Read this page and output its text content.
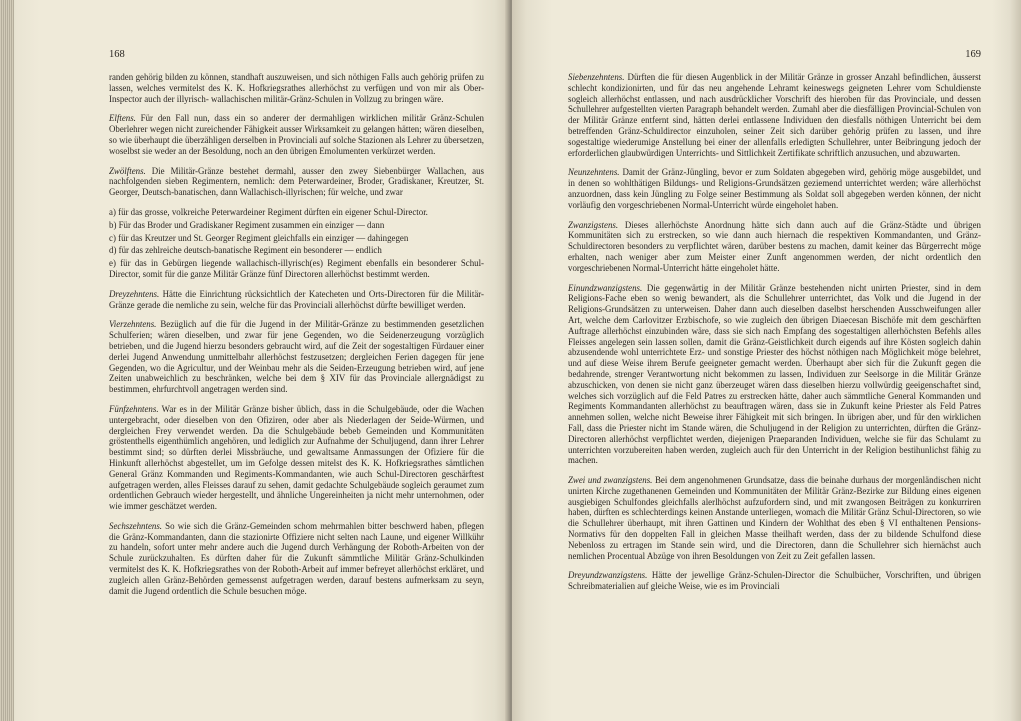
168

randen gehörig bilden zu können, standhaft auszuweisen, und sich nöthigen Falls auch gehörig prüfen zu lassen, welches vermitelst des K. K. Hofkriegsrathes allerhöchst zu verfügen und von mir als Ober-Inspector auch der illyrisch- wallachischen militär-Gränz-Schulen in Vollzug zu bringen wäre.

Elftens. Für den Fall nun, dass ein so anderer der dermahligen wirklichen militär Gränz-Schulen Oberlehrer wegen nicht zureichender Fähigkeit ausser Wirksamkeit zu gelangen hätten; wären dieselben, so wie überhaupt die überzähligen derselben in Provinciali auf solche Stazionen als Lehrer zu übersetzen, woselbst sie weder an der Besoldung, noch an den übrigen Emolumenten verkürzet werden.

Zwölftens. Die Militär-Gränze bestehet dermahl, ausser den zwey Siebenbürger Wallachen, aus nachfolgenden sieben Regimentern, nemlich: dem Peterwardeiner, Broder, Gradiskaner, Kreutzer, St. Georger, Deutsch-banatischen, dann Wallachisch-illyrischen; für welche, und zwar

a) für das grosse, volkreiche Peterwardeiner Regiment dürften ein eigener Schul-Director.

b) Für das Broder und Gradiskaner Regiment zusammen ein einziger — dann

c) für das Kreutzer und St. Georger Regiment gleichfalls ein einziger — dahingegen

d) für das zehlreiche deutsch-banatische Regiment ein besonderer — endlich

e) für das in Gebürgen liegende wallachisch-illyrisch(es) Regiment ebenfalls ein besonderer Schul-Director, somit für die ganze Militär Gränze fünf Directoren allerhöchst bestimmt werden.

Dreyzehntens. Hätte die Einrichtung rücksichtlich der Katecheten und Orts-Directoren für die Militär-Gränze gerade die nemliche zu sein, welche für das Provinciali allerhöchst dürfte bewilliget werden.

Vierzehntens. Bezüglich auf die für die Jugend in der Militär-Gränze zu bestimmenden gesetzlichen Schulferien; wären dieselben, und zwar für jene Gegenden, wo die Seidenerzeugung vorzüglich betrieben, und die Jugend hierzu besonders gebraucht wird, auf die Zeit der sogestaltigen Fürdauer einer derlei Jugend Anwendung unmittelbahr allerhöchst festzusetzen; dergleichen Ferien dagegen für jene Gegenden, wo die Agricultur, und der Weinbau mehr als die Seiden-Erzeugung betrieben wird, auf jene Zeiten unabweichlich zu beschränken, welche bei dem § XIV für das Provinciale allergnädigst zu bestimmen, ehrfurchtvoll angetragen werden sind.

Fünfzehntens. War es in der Militär Gränze bisher üblich, dass in die Schulgebäude, oder die Wachen untergebracht, oder dieselben von den Ofiziren, oder aber als Niederlagen der Seide-Würmen, und dergleichen Frey verwendet werden. Da die Schulgebäude bebeb Gemeinden und Kommunitäten gröstenthells eigenthümlich angehören, und lediglich zur Aufnahme der Schuljugend, dann ihrer Lehrer bestimmt sind; so dürften derlei Missbräuche, und gewaltsame Anmassungen der Ofiziere für die Hinkunft allerhöchst abgestellet, um im Gefolge dessen mitelst des K. K. Hofkriegsrathes sämtlichen General Gränz Kommanden und Regiments-Kommandanten, wie auch Schul-Directoren geschärftest aufgetragen werden, alles Fleisses darauf zu sehen, damit gedachte Schulgebäude sogleich geraumet zum ordentlichen Gebrauch wieder hergestellt, und ähnliche Ungereinheiten ja nicht mehr unternohmen, oder wie immer geschätzet werden.

Sechszehntens. So wie sich die Gränz-Gemeinden schom mehrmahlen bitter beschwerd haben, pflegen die Gränz-Kommandanten, dann die stazionirte Offiziere nicht selten nach Laune, und eigener Willkühr zu handeln, sofort unter mehr andere auch die Jugend durch Verhängung der Roboth-Arbeiten von der Schule zurückzuhalten. Es dürften daher für die Zukunft sämmtliche Militär Gränz-Schulkinden vermitelst des K. K. Hofkriegsrathes von der Roboth-Arbeit auf immer befreyet allerhöchst erkläret, und zugleich allen Gränz-Behörden gemessenst aufgetragen werden, darauf bestens aufmerksam zu seyn, damit die Jugend ordentlich die Schule besuchen möge.

169

Siebenzehntens. Dürften die für diesen Augenblick in der Militär Gränze in grosser Anzahl befindlichen, äusserst schlecht kondizionirten, und für das neu angehende Lehramt keineswegs geigneten Lehrer vom Schuldienste sogleich allerhöchst entlassen, und nach ausdrücklicher Vorschrift des hieroben für das Provinciale, und dessen Schullehrer aufgestellten vierten Paragraph behandelt werden. Zumahl aber die diesfälligen Provincial-Schulen von der Militär Gränze entfernt sind, hätten derlei entlassene Individuen den diesfalls nöthigen Unterricht bei dem betreffenden Gränz-Schuldirector einzuholen, seiner Zeit sich darüber gehörig prüfen zu lassen, und ihre sogestaltige wiederumige Anstellung bei einer der allenfalls erledigten Schullehrer, unter Beibringung jedoch der erforderlichen glaubwürdigen Unterrichts- und Sittlichkeit Zertifikate schriftlich anzusuchen, und abzuwarten.

Neunzehntens. Damit der Gränz-Jüngling, bevor er zum Soldaten abgegeben wird, gehörig möge ausgebildet, und in denen so wohlthätigen Bildungs- und Religions-Grundsätzen geziemend unterrichtet werden; wäre allerhöchst anzuordnen, dass kein Jüngling zu Folge seiner Bestimmung als Soldat soll abgegeben werden können, der nicht vorläufig den vorgeschriebenen Normal-Unterricht würde eingeholet haben.

Zwanzigstens. Dieses allerhöchste Anordnung hätte sich dann auch auf die Gränz-Städte und übrigen Kommunitäten sich zu erstrecken, so wie dann auch hiernach die respektiven Kommandanten, und Gränz-Schuldirectoren besonders zu verpflichtet wären, darüber bestens zu machen, damit keiner das Bürgerrecht möge erhalten, nach weniger aber zum Meister einer Zunft angenommen werden, der nicht ordentlich den vorgeschriebenen Normal-Unterricht hätte eingeholet hätte.

Einundzwanzigstens. Die gegenwärtig in der Militär Gränze bestehenden nicht unirten Priester, sind in dem Religions-Fache eben so wenig bewandert, als die Schullehrer unterrichtet, das Volk und die Jugend in der Religions-Grundsätzen zu unterweisen. Daher dann auch dieselben daselbst herschenden Ausschweifungen aller Art, welche dem Carlovitzer Erzbischofe, so wie zugleich den übrigen Diaecesan Bischöfe mit dem geschärften Auftrage allerhöchst einzubinden wäre, dass sie sich nach Empfang des sogestaltigen allerhöchsten Befehls alles Fleisses angelegen sein lassen sollen, damit die Gränz-Geistlichkeit durch eigends auf ihre Kösten sogleich dahin abzusendende wohl unterrichtete Erz- und sonstige Priester des höchst nöthigen nach Möglichkeit möge belehret, und auf diese Weise ihrem Berufe geeigneter gemacht werden. Überhaupt aber sich für die Zukunft gegen die bedahrende, strenger Verantwortung nicht bekommen zu lassen, Individuen zur Seelsorge in die Militär Gränze abzuschicken, von denen sie nicht ganz überzeuget wären dass dieselben hierzu vollwürdig geeigenschaftet sind, welches sich vorzüglich auf die Feld Patres zu erstrecken hätte, daher auch sämmtliche General Kommanden und Regiments Kommandanten allerhöchst zu beauftragen wären, dass sie in Zukunft keine Priester als Feld Patres annehmen sollen, welche nicht Beweise ihrer Fähigkeit mit sich bringen. In übrigen aber, und für den wirklichen Fall, dass die Priester nicht im Stande wären, die Schuljugend in der Religion zu unterrichten, dürften die Gränz-Directoren allerhöchst verpflichtet werden, diejenigen Praeparanden Individuen, welche sie für das Schulamt zu unterrichten vorzubereiten haben werden, zugleich auch für den Unterricht in der Religion bestihunlichst fähig zu machen.

Zwei und zwanzigstens. Bei dem angenohmenen Grundsatze, dass die beinahe durhaus der morgenländischen nicht unirten Kirche zugethanenen Gemeinden und Kommunitäten der Militär Gränz-Bezirke zur Bildung eines eigenen ausgiebigen Schulfondes gleichfalls alerlhöchst aufzufordern sind, und mit zwangosen Beiträgen zu konkurriren haben, dürften es schlechterdings keinen Anstande unterliegen, womach die Militär Gränz Schul-Directoren, so wie die Schullehrer überhaupt, mit ihren Gattinen und Kindern der Wohlthat des eben § VI enthaltenen Pensions-Normativs für den doppelten Fall in gleichen Masse theilhaft werden, dass der zu bildende Schulfond diese Nebenloss zu ertragen im Stande sein wird, und die Directoren, dann die Schullehrer sich hiernächst auch nemlichen Procentual Abzüge von ihren Besoldungen von Zeit zu Zeit gefallen lassen.

Dreyundzwanzigstens. Hätte der jewellige Gränz-Schulen-Director die Schulbücher, Vorschriften, und übrigen Schreibmaterialien auf gleiche Weise, wie es im Provinciali
